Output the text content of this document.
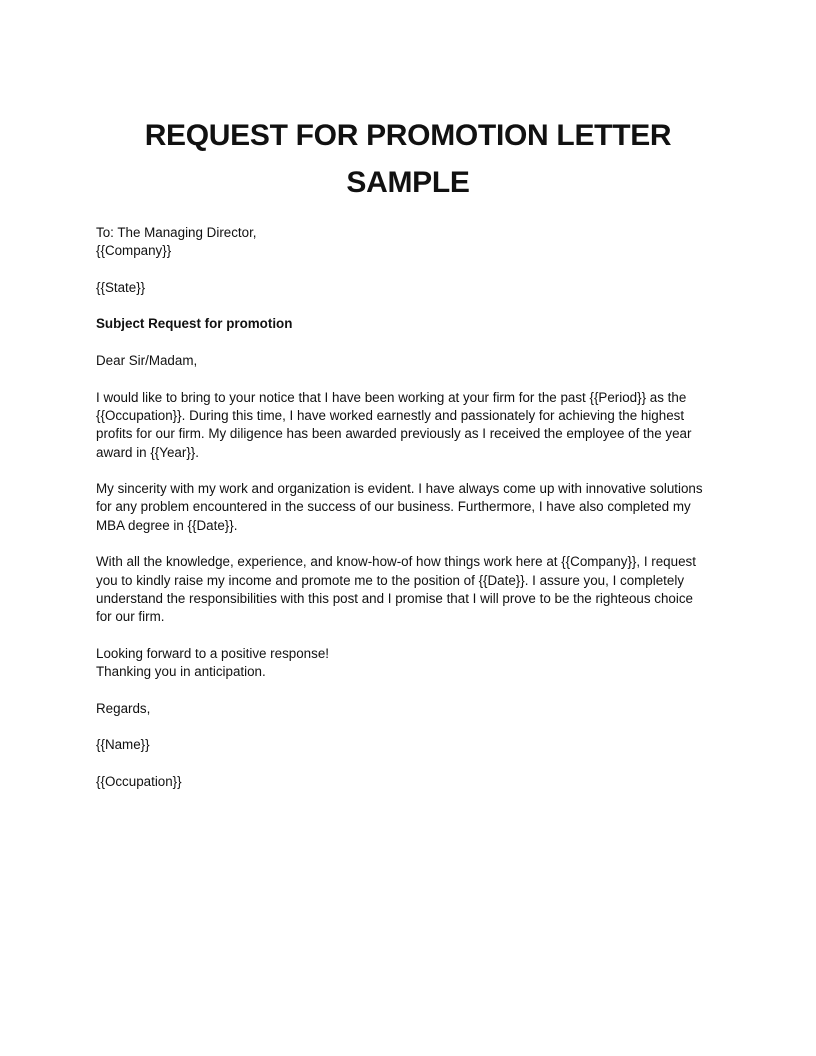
REQUEST FOR PROMOTION LETTER
SAMPLE
To: The Managing Director,
{{Company}}
{{State}}
Subject Request for promotion
Dear Sir/Madam,
I would like to bring to your notice that I have been working at your firm for the past {{Period}} as the
{{Occupation}}. During this time, I have worked earnestly and passionately for achieving the highest
profits for our firm. My diligence has been awarded previously as I received the employee of the year
award in {{Year}}.
My sincerity with my work and organization is evident. I have always come up with innovative solutions
for any problem encountered in the success of our business. Furthermore, I have also completed my
MBA degree in {{Date}}.
With all the knowledge, experience, and know-how-of how things work here at {{Company}}, I request
you to kindly raise my income and promote me to the position of {{Date}}. I assure you, I completely
understand the responsibilities with this post and I promise that I will prove to be the righteous choice
for our firm.
Looking forward to a positive response!
Thanking you in anticipation.
Regards,
{{Name}}
{{Occupation}}
